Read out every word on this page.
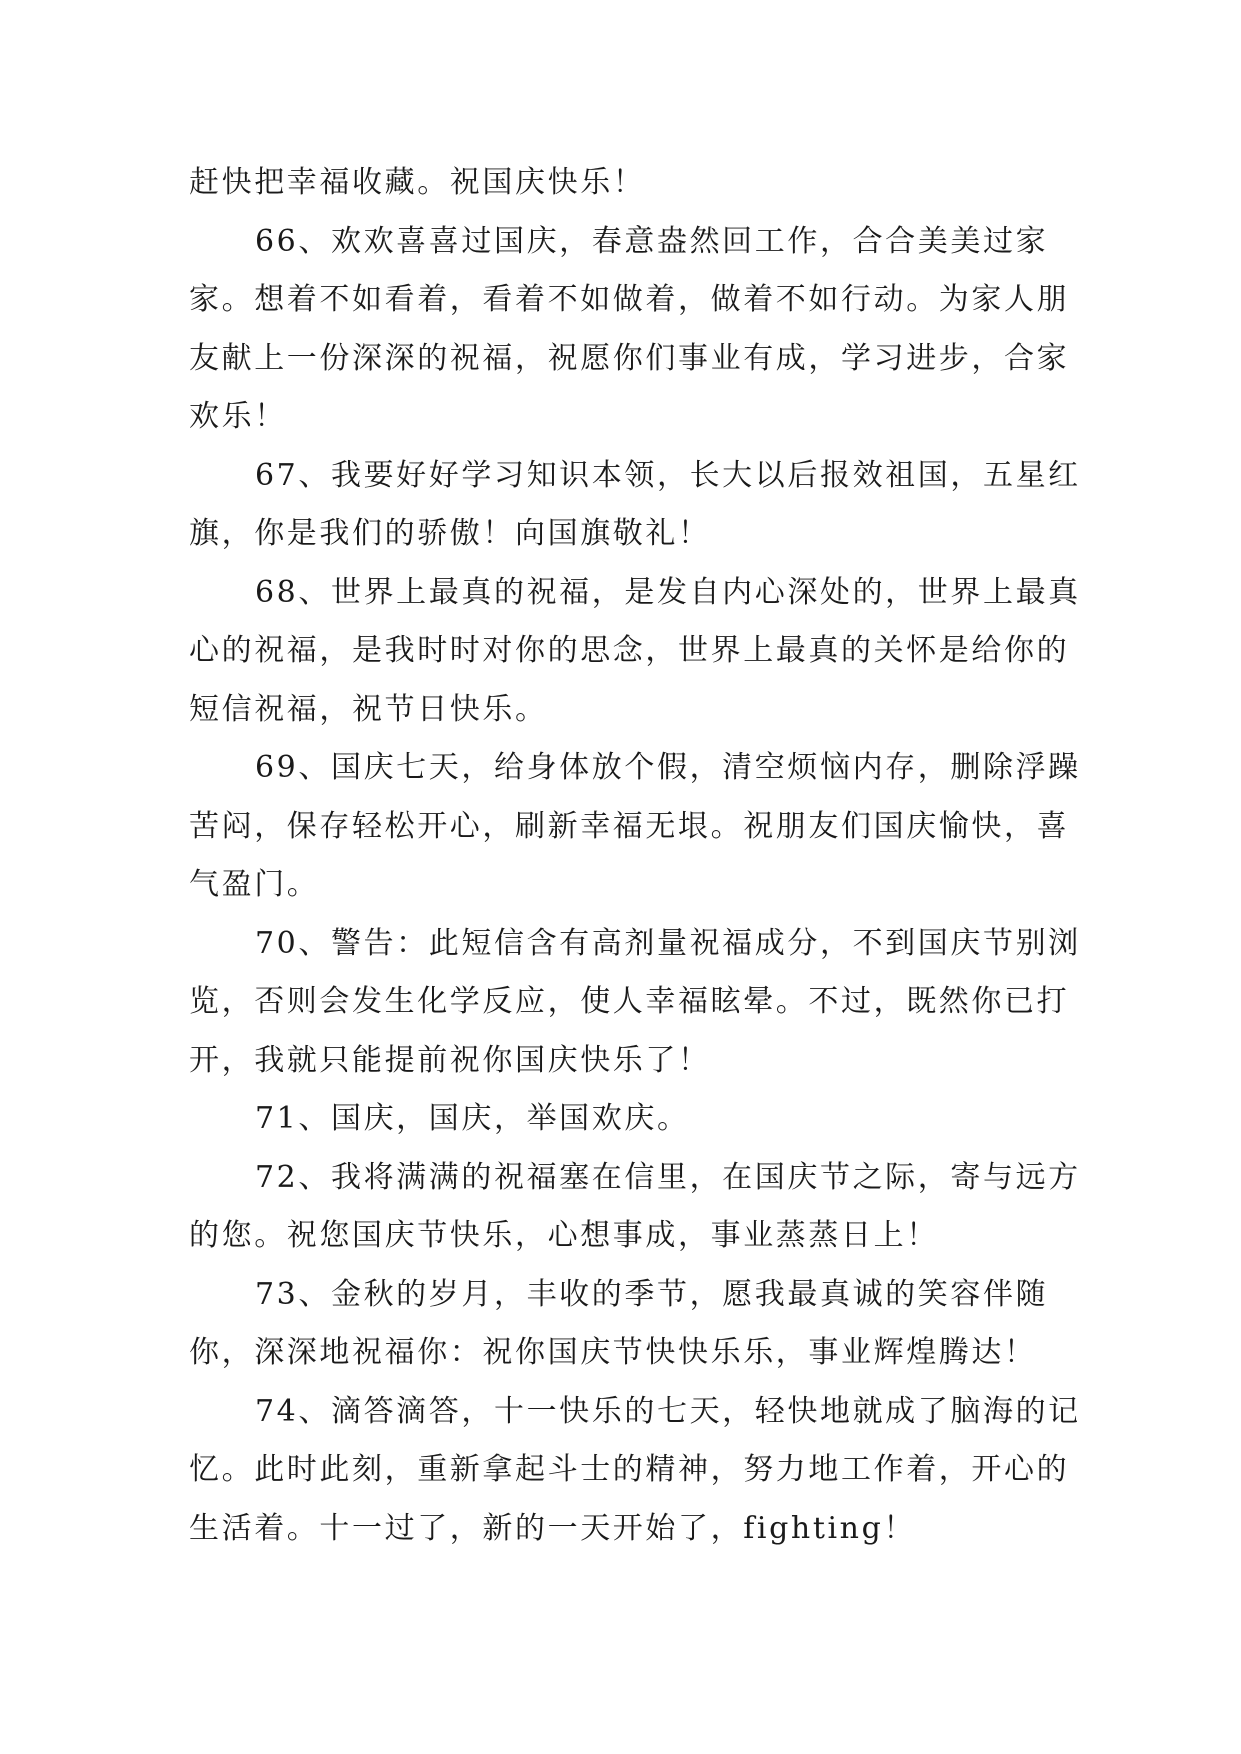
赶快把幸福收藏。祝国庆快乐！

66、欢欢喜喜过国庆，春意盎然回工作，合合美美过家家。想着不如看着，看着不如做着，做着不如行动。为家人朋友献上一份深深的祝福，祝愿你们事业有成，学习进步，合家欢乐！

67、我要好好学习知识本领，长大以后报效祖国，五星红旗，你是我们的骄傲！向国旗敬礼！

68、世界上最真的祝福，是发自内心深处的，世界上最真心的祝福，是我时时对你的思念，世界上最真的关怀是给你的短信祝福，祝节日快乐。

69、国庆七天，给身体放个假，清空烦恼内存，删除浮躁苦闷，保存轻松开心，刷新幸福无垠。祝朋友们国庆愉快，喜气盈门。

70、警告：此短信含有高剂量祝福成分，不到国庆节别浏览，否则会发生化学反应，使人幸福眩晕。不过，既然你已打开，我就只能提前祝你国庆快乐了！

71、国庆，国庆，举国欢庆。

72、我将满满的祝福塞在信里，在国庆节之际，寄与远方的您。祝您国庆节快乐，心想事成，事业蒸蒸日上！

73、金秋的岁月，丰收的季节，愿我最真诚的笑容伴随你，深深地祝福你：祝你国庆节快快乐乐，事业辉煌腾达！

74、滴答滴答，十一快乐的七天，轻快地就成了脑海的记忆。此时此刻，重新拿起斗士的精神，努力地工作着，开心的生活着。十一过了，新的一天开始了，fighting！
